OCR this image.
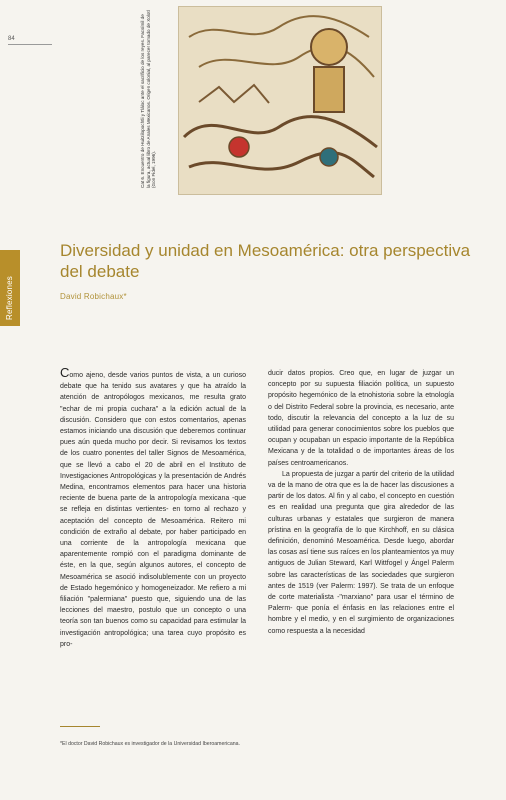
84	Cat 6. Encuentro de Huitzilopochtli y Tláloc ante el sacrificio de los reyes. Facsímil de la figura, actual libro de Anales Mexicanos. Origen colonial, al parecer tomado de Xolotl (Gon Fidel, 1996).
Reflexiones
Diversidad y unidad en Mesoamérica: otra perspectiva del debate
David Robichaux*

Como ajeno, desde varios puntos de vista, a un curioso debate que ha tenido sus avatares y que ha atraído la atención de antropólogos mexicanos, me resulta grato "echar de mi propia cuchara" a la edición actual de la discusión. Considero que con estos comentarios, apenas estamos iniciando una discusión que deberemos continuar pues aún queda mucho por decir. Si revisamos los textos de los cuatro ponentes del taller Signos de Mesoamérica, que se llevó a cabo el 20 de abril en el Instituto de Investigaciones Antropológicas y la presentación de Andrés Medina, encontramos elementos para hacer una historia reciente de buena parte de la antropología mexicana -que se refleja en distintas vertientes- en torno al rechazo y aceptación del concepto de Mesoamérica. Reitero mi condición de extraño al debate, por haber participado en una corriente de la antropología mexicana que aparentemente rompió con el paradigma dominante de éste, en la que, según algunos autores, el concepto de Mesoamérica se asoció indisolublemente con un proyecto de Estado hegemónico y homogeneizador. Me refiero a mi filiación "palermiana" puesto que, siguiendo una de las lecciones del maestro, postulo que un concepto o una teoría son tan buenos como su capacidad para estimular la investigación antropológica; una tarea cuyo propósito es pro-

ducir datos propios. Creo que, en lugar de juzgar un concepto por su supuesta filiación política, un supuesto propósito hegemónico de la etnohistoria sobre la etnología o del Distrito Federal sobre la provincia, es necesario, ante todo, discutir la relevancia del concepto a la luz de su utilidad para generar conocimientos sobre los pueblos que ocupan y ocupaban un espacio importante de la República Mexicana y de la totalidad o de importantes áreas de los países centroamericanos.

La propuesta de juzgar a partir del criterio de la utilidad va de la mano de otra que es la de hacer las discusiones a partir de los datos. Al fin y al cabo, el concepto en cuestión es en realidad una pregunta que gira alrededor de las culturas urbanas y estatales que surgieron de manera prístina en la geografía de lo que Kirchhoff, en su clásica definición, denominó Mesoamérica. Desde luego, abordar las cosas así tiene sus raíces en los planteamientos ya muy antiguos de Julian Steward, Karl Wittfogel y Ángel Palerm sobre las características de las sociedades que surgieron antes de 1519 (ver Palerm: 1997). Se trata de un enfoque de corte materialista -"marxiano" para usar el término de Palerm- que ponía el énfasis en las relaciones entre el hombre y el medio, y en el surgimiento de organizaciones como respuesta a la necesidad

*El doctor David Robichaux es investigador de la Universidad Iberoamericana.
